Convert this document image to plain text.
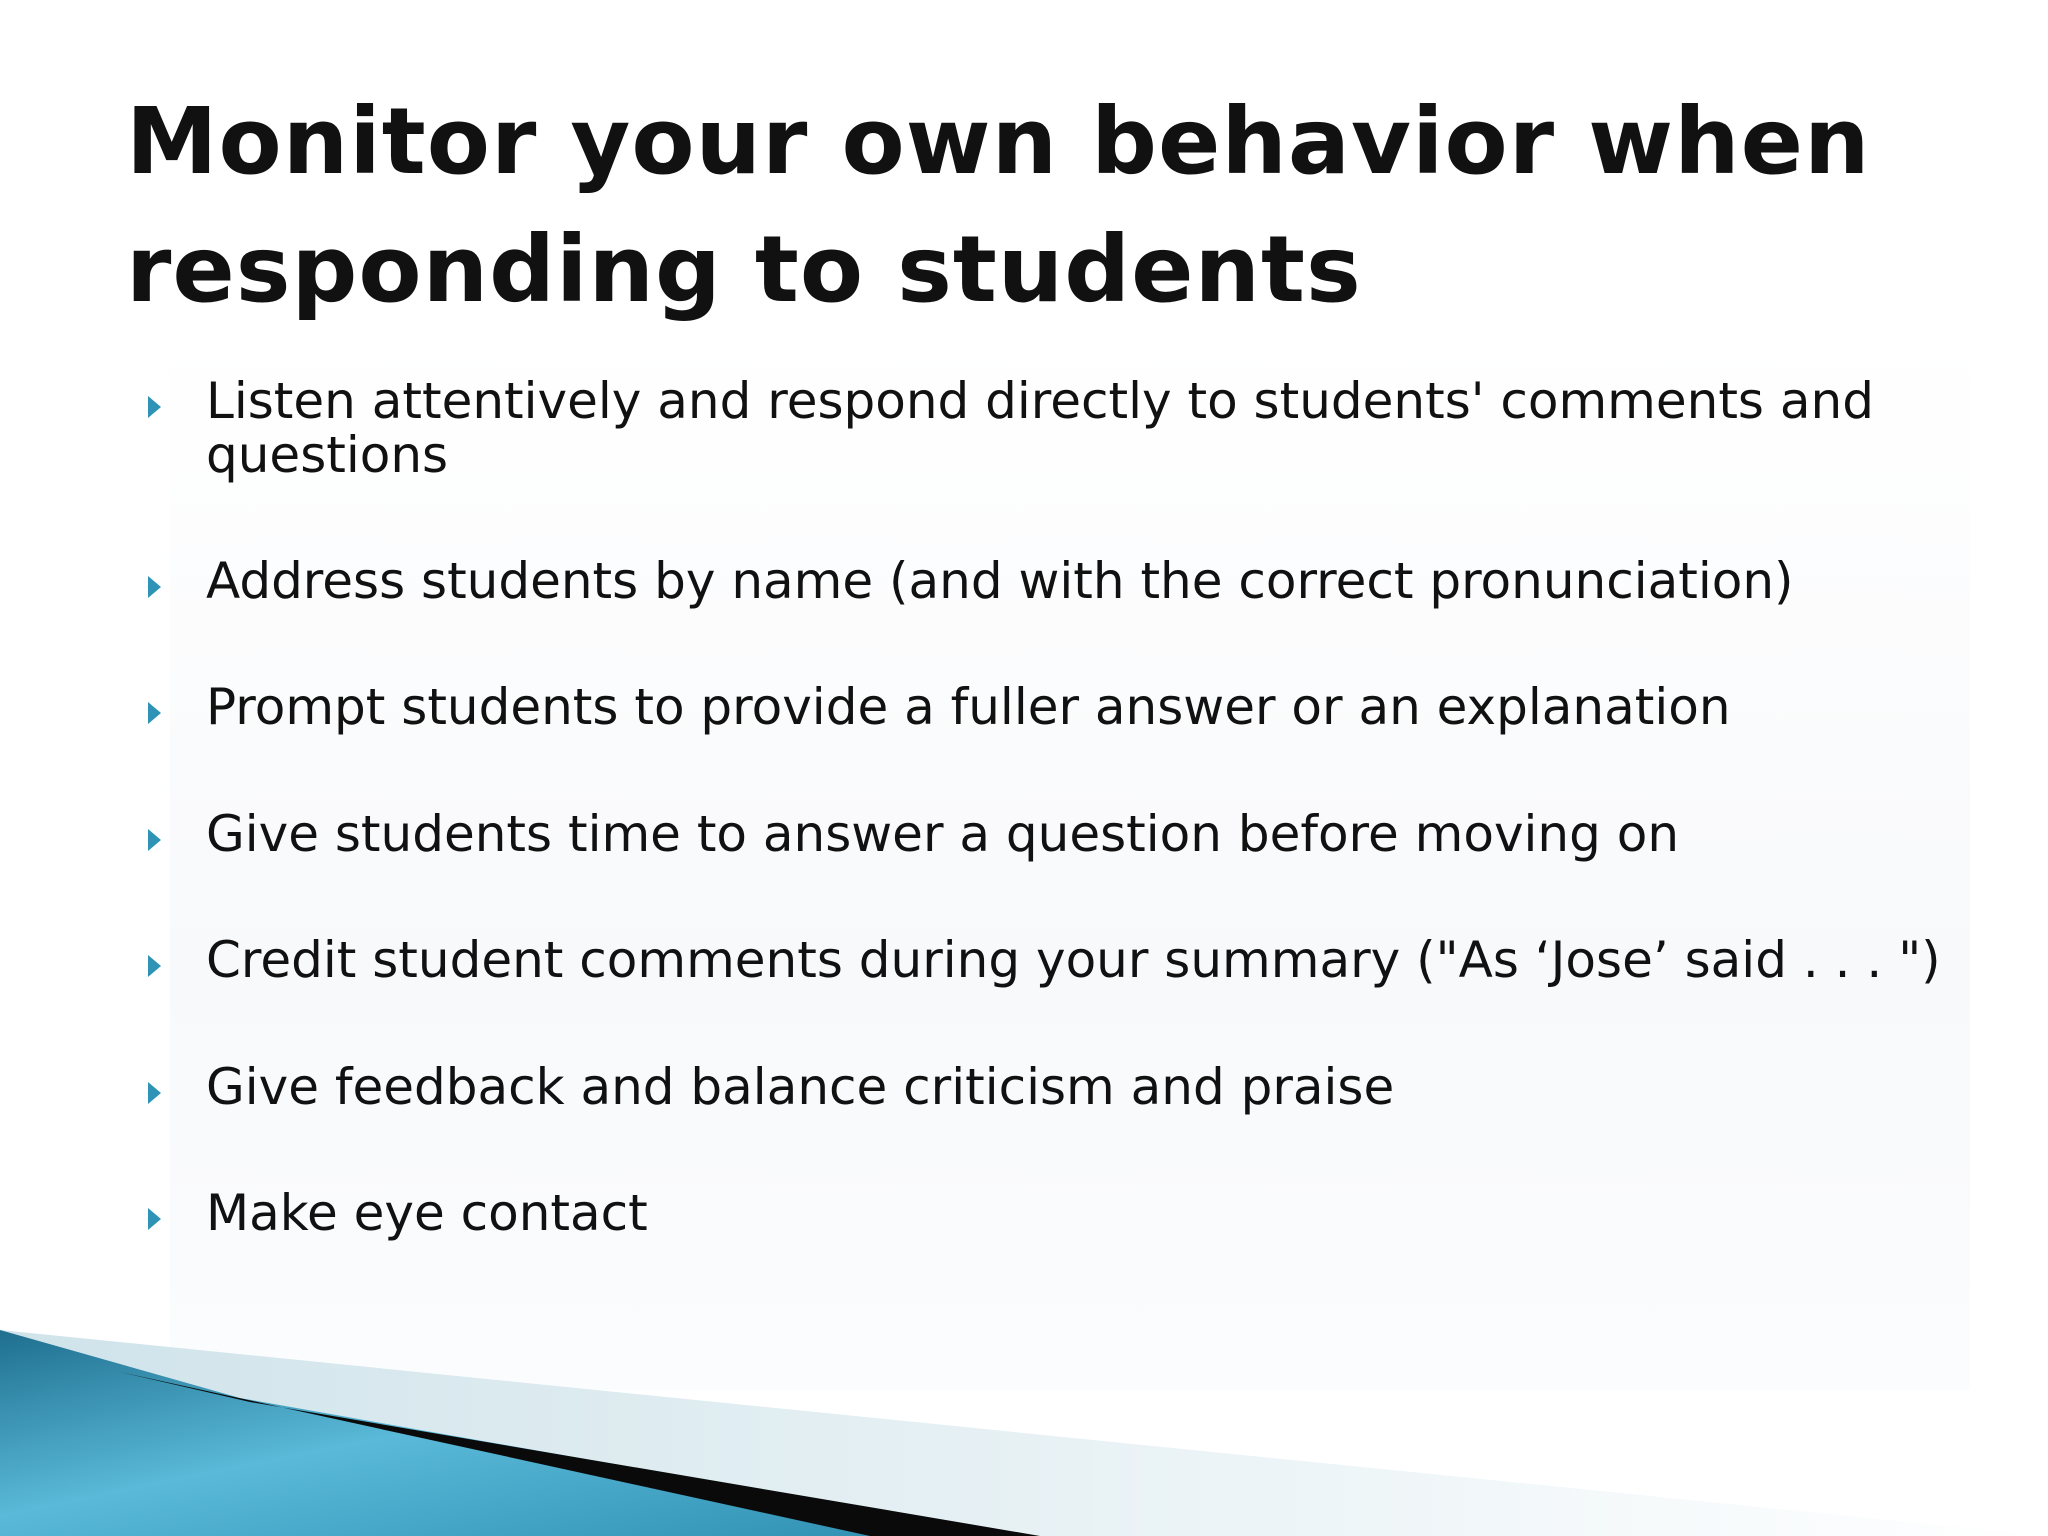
Monitor your own behavior when responding to students
Listen attentively and respond directly to students' comments and questions
Address students by name (and with the correct pronunciation)
Prompt students to provide a fuller answer or an explanation
Give students time to answer a question before moving on
Credit student comments during your summary ("As ‘Jose’ said . . . ")
Give feedback and balance criticism and praise
Make eye contact
